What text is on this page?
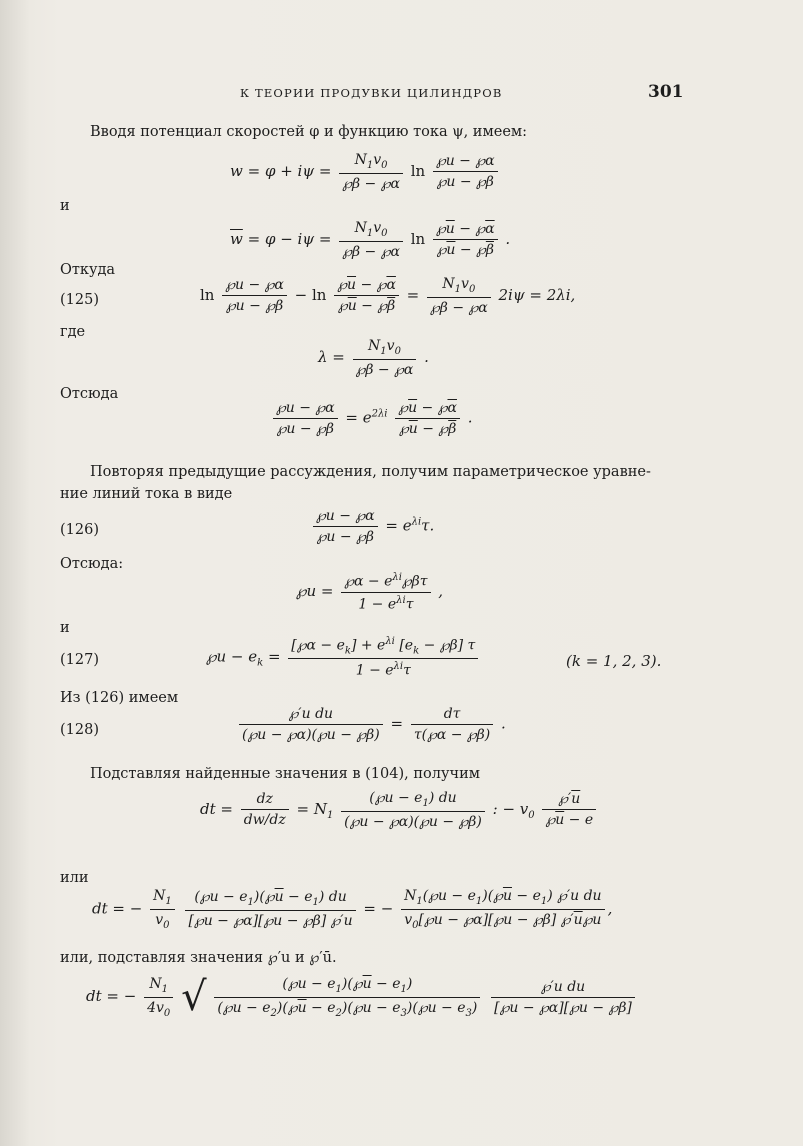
К ТЕОРИИ ПРОДУВКИ ЦИЛИНДРОВ	301
Вводя потенциал скоростей φ и функцию тока ψ, имеем:
$w = \varphi + i\psi = \frac{N_1v_0}{℘\beta - ℘\alpha}$ $\ln \frac{℘u - ℘\alpha}{℘u - ℘\beta}$
и
$\overline{w} = \varphi - i\psi = \frac{N_1v_0}{℘\beta - ℘\alpha}$ $\ln \frac{℘\overline{u} - ℘\overline{\alpha}}{℘\overline{u} - ℘\overline{\beta}}$ .
Откуда
(125)	$\ln \frac{℘u - ℘\alpha}{℘u - ℘\beta} - \ln \frac{℘\overline{u} - ℘\overline{\alpha}}{℘\overline{u} - ℘\overline{\beta}} = \frac{N_1v_0}{℘\beta - ℘\alpha} 2i\psi = 2\lambda i$,
где
$\lambda = \frac{N_1v_0}{℘\beta - ℘\alpha}$ .
Отсюда
$\frac{℘u - ℘\alpha}{℘u - ℘\beta} = e^{2\lambda i} \frac{℘\overline{u} - ℘\overline{\alpha}}{℘\overline{u} - ℘\overline{\beta}}$ .
Повторяя предыдущие рассуждения, получим параметрическое уравне-
ние линий тока в виде
(126)	$\frac{℘u - ℘\alpha}{℘u - ℘\beta} = e^{\lambda i}\tau$.
Отсюда:
℘u = $\frac{℘\alpha - e^{\lambda i}℘\beta\tau}{1 - e^{\lambda i}\tau}$ ,
и
(127)	℘u − $e_k = \frac{[℘\alpha - e_k] + e^{\lambda i} [e_k - ℘\beta] \tau}{1 - e^{\lambda i}\tau}$	(k = 1, 2, 3).
Из (126) имеем
(128)	$\frac{\text{℘′u du}}{(℘u - ℘\alpha)(℘u - ℘\beta)} = \frac{d\tau}{\tau(℘\alpha - ℘\beta)}$ .
Подставляя найденные значения в (104), получим
dt = $\frac{dz}{dw/dz} = N_1 \frac{(℘u - e_1) du}{(℘u - ℘\alpha)(℘u - ℘\beta)}$ : − $v_0 \frac{℘'\overline{u}}{℘\overline{u} - e}$
или
dt = − $\frac{N_1}{v_0}$
$\frac{(℘u - e_1)(℘\overline{u} - e_1) du}{[℘u - ℘\alpha][℘u - ℘\beta] ℘'u}$ = − $\frac{N_1(℘u - e_1)(℘\overline{u} - e_1) ℘'u du}{v_0[℘u - ℘\alpha][℘u - ℘\beta] ℘'\overline{u}℘u}$ ,
или, подставляя значения ℘′u и ℘′ū.
dt = − $\frac{N_1}{4v_0}$ √ $\frac{(℘u - e_1)(℘\overline{u} - e_1)}{(℘u - e_2)(℘\overline{u} - e_2)(℘u - e_3)(℘u - e_3)}$
$\frac{\text{℘′u du}}{[℘u - ℘\alpha][℘u - ℘\beta]}$
